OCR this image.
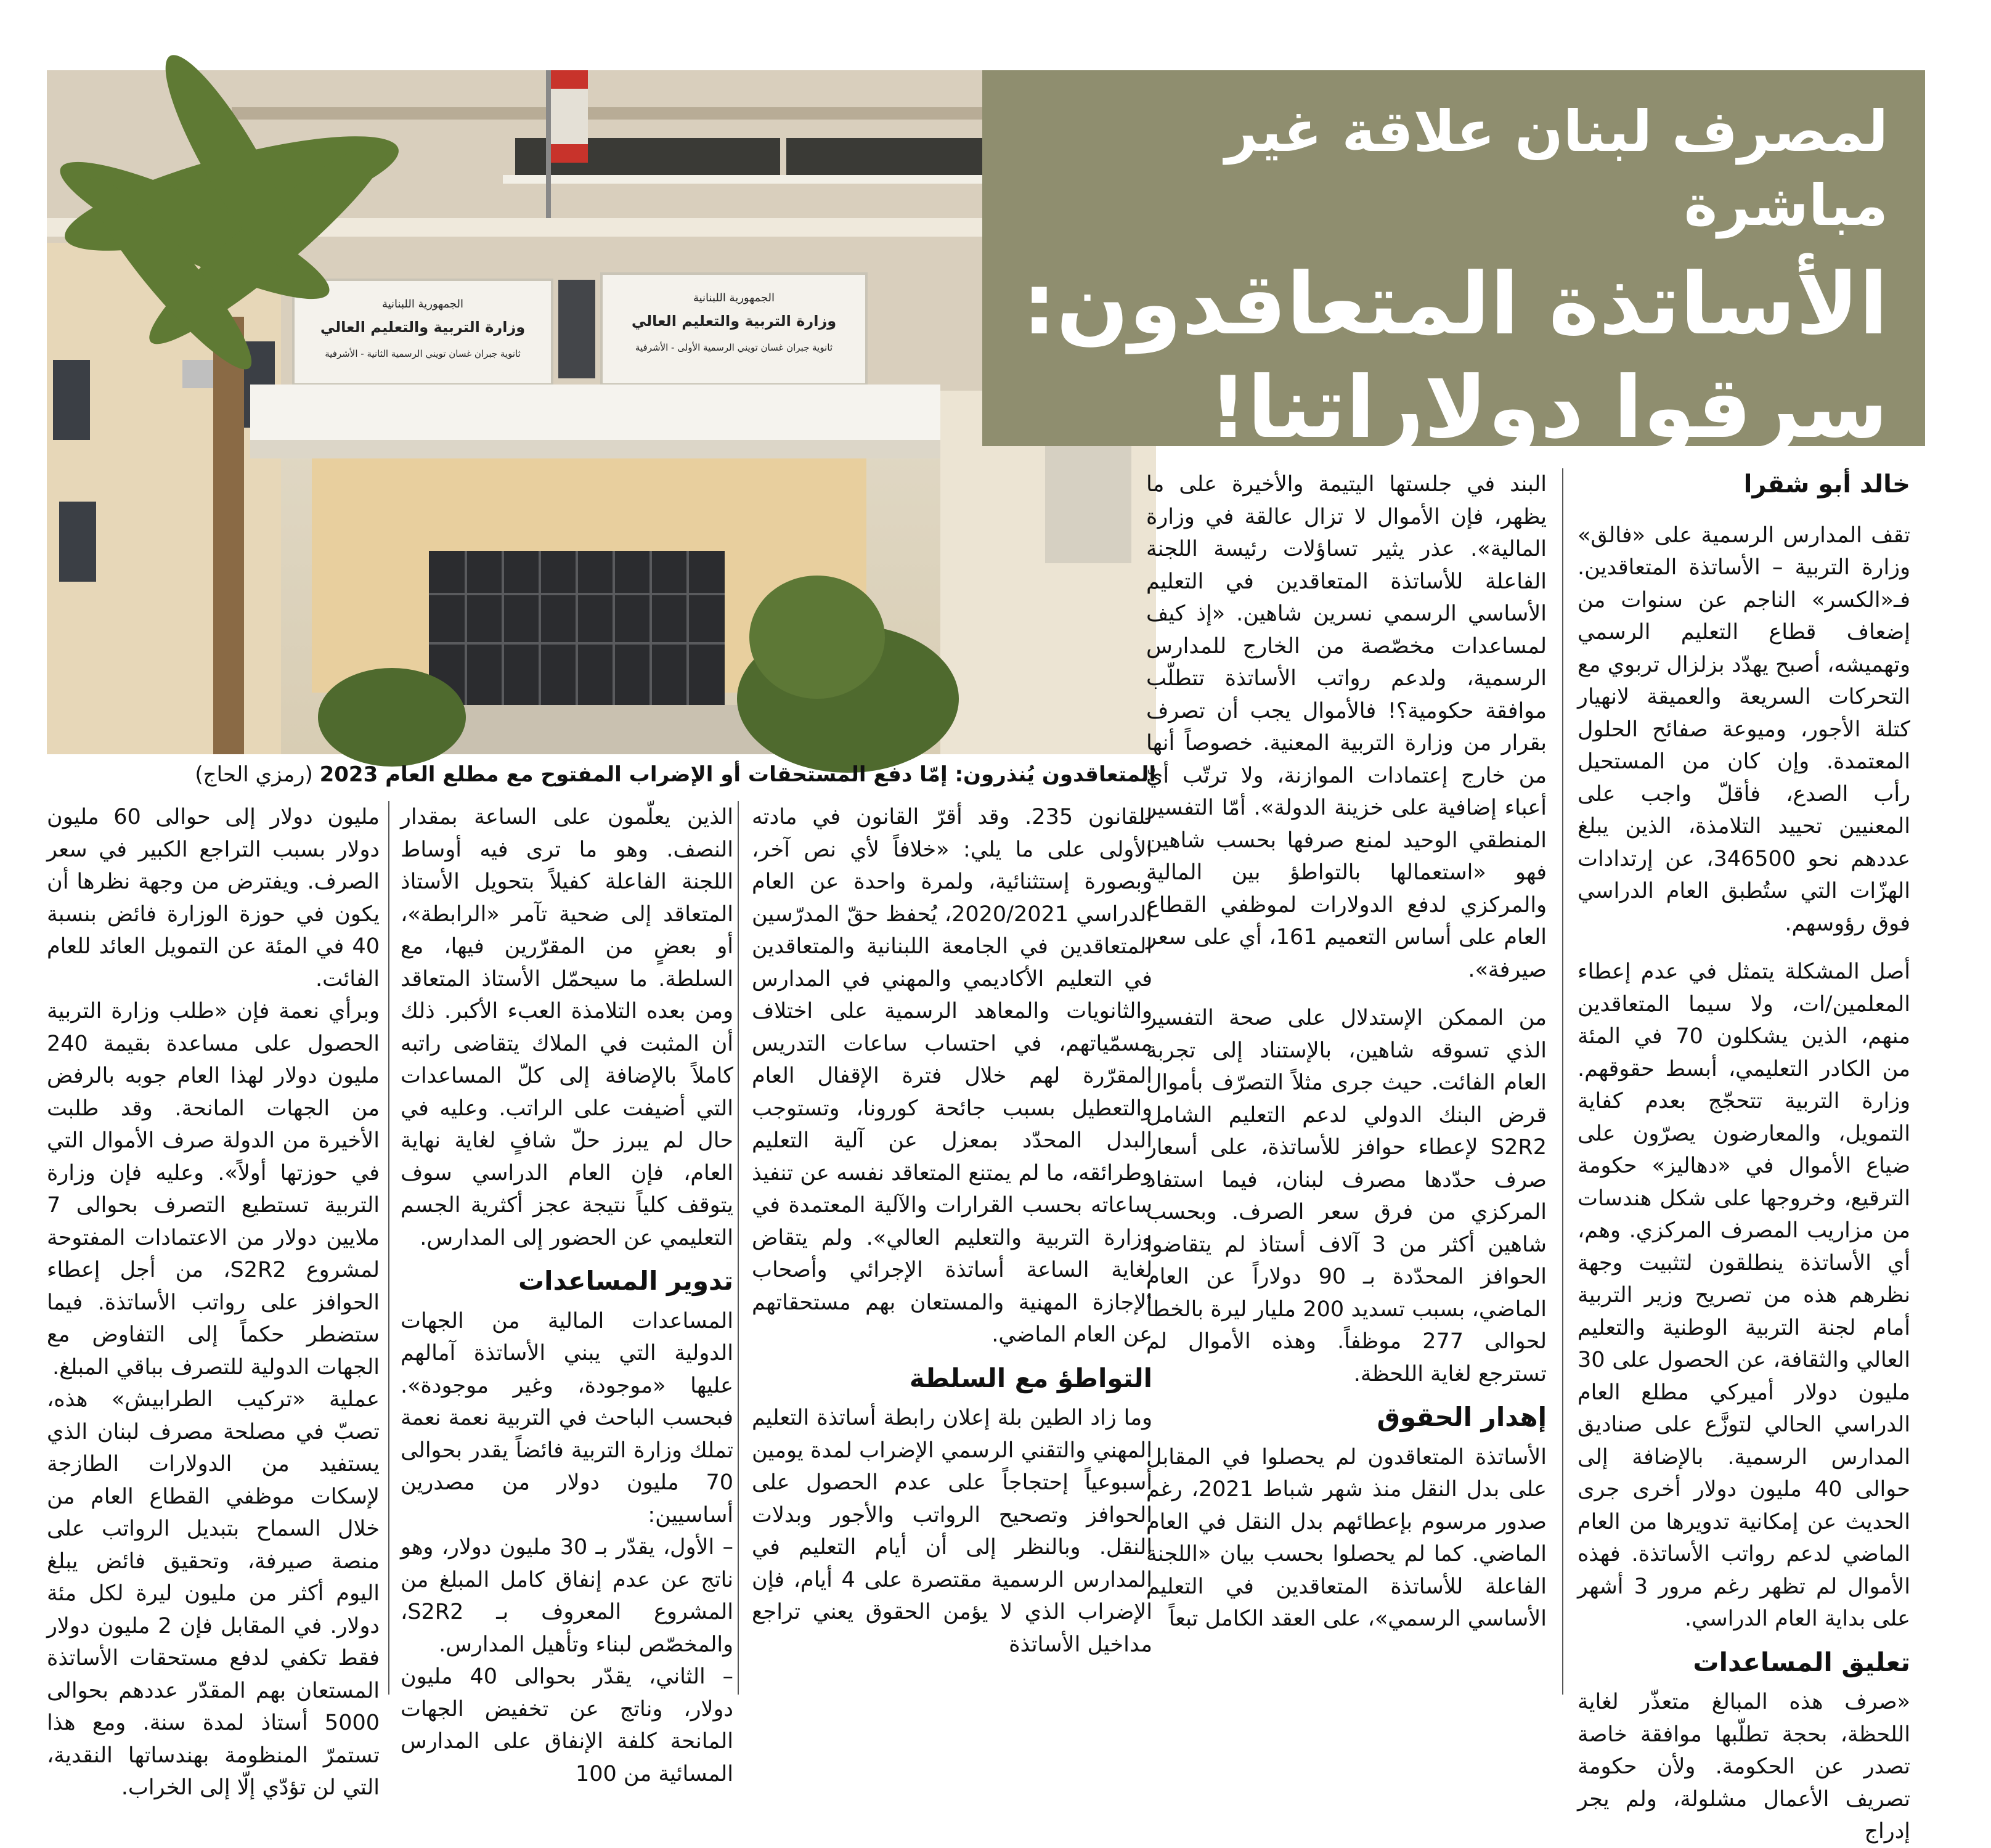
الجمهورية اللبنانية
وزارة التربية والتعليم العالي
ثانوية جبران غسان تويني الرسمية الأولى - الأشرفية
الجمهورية اللبنانية
وزارة التربية والتعليم العالي
ثانوية جبران غسان تويني الرسمية الثانية - الأشرفية
لمصرف لبنان علاقة غير مباشرة
الأساتذة المتعاقدون:
سرقوا دولاراتنا!
المتعاقدون يُنذرون: إمّا دفع المستحقات أو الإضراب المفتوح مع مطلع العام 2023 (رمزي الحاج)
خالد أبو شقرا

تقف المدارس الرسمية على «فالق» وزارة التربية – الأساتذة المتعاقدين. فـ«الكسر» الناجم عن سنوات من إضعاف قطاع التعليم الرسمي وتهميشه، أصبح يهدّد بزلزال تربوي مع التحركات السريعة والعميقة لانهيار كتلة الأجور، وميوعة صفائح الحلول المعتمدة. وإن كان من المستحيل رأب الصدع، فأقلّ واجب على المعنيين تحييد التلامذة، الذين يبلغ عددهم نحو 346500، عن إرتدادات الهزّات التي ستُطبق العام الدراسي فوق رؤوسهم.

أصل المشكلة يتمثل في عدم إعطاء المعلمين/ات، ولا سيما المتعاقدين منهم، الذين يشكلون 70 في المئة من الكادر التعليمي، أبسط حقوقهم. وزارة التربية تتحجّج بعدم كفاية التمويل، والمعارضون يصرّون على ضياع الأموال في «دهاليز» حكومة الترقيع، وخروجها على شكل هندسات من مزاريب المصرف المركزي. وهم، أي الأساتذة ينطلقون لتثبيت وجهة نظرهم هذه من تصريح وزير التربية أمام لجنة التربية الوطنية والتعليم العالي والثقافة، عن الحصول على 30 مليون دولار أميركي مطلع العام الدراسي الحالي لتوزَّع على صناديق المدارس الرسمية. بالإضافة إلى حوالى 40 مليون دولار أخرى جرى الحديث عن إمكانية تدويرها من العام الماضي لدعم رواتب الأساتذة. فهذه الأموال لم تظهر رغم مرور 3 أشهر على بداية العام الدراسي.

تعليق المساعدات

«صرف هذه المبالغ متعذّر لغاية اللحظة، بحجة تطلّبها موافقة خاصة تصدر عن الحكومة. ولأن حكومة تصريف الأعمال مشلولة، ولم يجر إدراج

البند في جلستها اليتيمة والأخيرة على ما يظهر، فإن الأموال لا تزال عالقة في وزارة المالية». عذر يثير تساؤلات رئيسة اللجنة الفاعلة للأساتذة المتعاقدين في التعليم الأساسي الرسمي نسرين شاهين. «إذ كيف لمساعدات مخصّصة من الخارج للمدارس الرسمية، ولدعم رواتب الأساتذة تتطلّب موافقة حكومية؟! فالأموال يجب أن تصرف بقرار من وزارة التربية المعنية. خصوصاً أنها من خارج إعتمادات الموازنة، ولا ترتّب أيّ أعباء إضافية على خزينة الدولة». أمّا التفسير المنطقي الوحيد لمنع صرفها بحسب شاهين فهو «استعمالها بالتواطؤ بين المالية والمركزي لدفع الدولارات لموظفي القطاع العام على أساس التعميم 161، أي على سعر صيرفة».

من الممكن الإستدلال على صحة التفسير الذي تسوقه شاهين، بالإستناد إلى تجربة العام الفائت. حيث جرى مثلاً التصرّف بأموال قرض البنك الدولي لدعم التعليم الشامل S2R2 لإعطاء حوافز للأساتذة، على أسعار صرف حدّدها مصرف لبنان، فيما استفاد المركزي من فرق سعر الصرف. وبحسب شاهين أكثر من 3 آلاف أستاذ لم يتقاضوا الحوافز المحدّدة بـ 90 دولاراً عن العام الماضي، بسبب تسديد 200 مليار ليرة بالخطأ لحوالى 277 موظفاً. وهذه الأموال لم تسترجع لغاية اللحظة.

إهدار الحقوق

الأساتذة المتعاقدون لم يحصلوا في المقابل على بدل النقل منذ شهر شباط 2021، رغم صدور مرسوم بإعطائهم بدل النقل في العام الماضي. كما لم يحصلوا بحسب بيان «اللجنة الفاعلة للأساتذة المتعاقدين في التعليم الأساسي الرسمي»، على العقد الكامل تبعاً

للقانون 235. وقد أقرّ القانون في مادته الأولى على ما يلي: «خلافاً لأي نص آخر، وبصورة إستثنائية، ولمرة واحدة عن العام الدراسي 2020/2021، يُحفظ حقّ المدرّسين المتعاقدين في الجامعة اللبنانية والمتعاقدين في التعليم الأكاديمي والمهني في المدارس والثانويات والمعاهد الرسمية على اختلاف مسمّياتهم، في احتساب ساعات التدريس المقرّرة لهم خلال فترة الإقفال العام والتعطيل بسبب جائحة كورونا، وتستوجب البدل المحدّد بمعزل عن آلية التعليم وطرائقه، ما لم يمتنع المتعاقد نفسه عن تنفيذ ساعاته بحسب القرارات والآلية المعتمدة في وزارة التربية والتعليم العالي». ولم يتقاض لغاية الساعة أساتذة الإجرائي وأصحاب الإجازة المهنية والمستعان بهم مستحقاتهم عن العام الماضي.

التواطؤ مع السلطة

وما زاد الطين بلة إعلان رابطة أساتذة التعليم المهني والتقني الرسمي الإضراب لمدة يومين أسبوعياً إحتجاجاً على عدم الحصول على الحوافز وتصحيح الرواتب والأجور وبدلات النقل. وبالنظر إلى أن أيام التعليم في المدارس الرسمية مقتصرة على 4 أيام، فإن الإضراب الذي لا يؤمن الحقوق يعني تراجع مداخيل الأساتذة

الذين يعلّمون على الساعة بمقدار النصف. وهو ما ترى فيه أوساط اللجنة الفاعلة كفيلاً بتحويل الأستاذ المتعاقد إلى ضحية تآمر «الرابطة»، أو بعضٍ من المقرّرين فيها، مع السلطة. ما سيحمّل الأستاذ المتعاقد ومن بعده التلامذة العبء الأكبر. ذلك أن المثبت في الملاك يتقاضى راتبه كاملاً بالإضافة إلى كلّ المساعدات التي أضيفت على الراتب. وعليه في حال لم يبرز حلّ شافٍ لغاية نهاية العام، فإن العام الدراسي سوف يتوقف كلياً نتيجة عجز أكثرية الجسم التعليمي عن الحضور إلى المدارس.

تدوير المساعدات

المساعدات المالية من الجهات الدولية التي يبني الأساتذة آمالهم عليها «موجودة، وغير موجودة». فبحسب الباحث في التربية نعمة نعمة تملك وزارة التربية فائضاً يقدر بحوالى 70 مليون دولار من مصدرين أساسيين:

– الأول، يقدّر بـ 30 مليون دولار، وهو ناتج عن عدم إنفاق كامل المبلغ من المشروع المعروف بـ S2R2، والمخصّص لبناء وتأهيل المدارس.

– الثاني، يقدّر بحوالى 40 مليون دولار، وناتج عن تخفيض الجهات المانحة كلفة الإنفاق على المدارس المسائية من 100

مليون دولار إلى حوالى 60 مليون دولار بسبب التراجع الكبير في سعر الصرف. ويفترض من وجهة نظرها أن يكون في حوزة الوزارة فائض بنسبة 40 في المئة عن التمويل العائد للعام الفائت.

وبرأي نعمة فإن «طلب وزارة التربية الحصول على مساعدة بقيمة 240 مليون دولار لهذا العام جوبه بالرفض من الجهات المانحة. وقد طلبت الأخيرة من الدولة صرف الأموال التي في حوزتها أولاً». وعليه فإن وزارة التربية تستطيع التصرف بحوالى 7 ملايين دولار من الاعتمادات المفتوحة لمشروع S2R2، من أجل إعطاء الحوافز على رواتب الأساتذة. فيما ستضطر حكماً إلى التفاوض مع الجهات الدولية للتصرف بباقي المبلغ.

عملية «تركيب الطرابيش» هذه، تصبّ في مصلحة مصرف لبنان الذي يستفيد من الدولارات الطازجة لإسكات موظفي القطاع العام من خلال السماح بتبديل الرواتب على منصة صيرفة، وتحقيق فائض يبلغ اليوم أكثر من مليون ليرة لكل مئة دولار. في المقابل فإن 2 مليون دولار فقط تكفي لدفع مستحقات الأساتذة المستعان بهم المقدّر عددهم بحوالى 5000 أستاذ لمدة سنة. ومع هذا تستمرّ المنظومة بهندساتها النقدية، التي لن تؤدّي إلّا إلى الخراب.
